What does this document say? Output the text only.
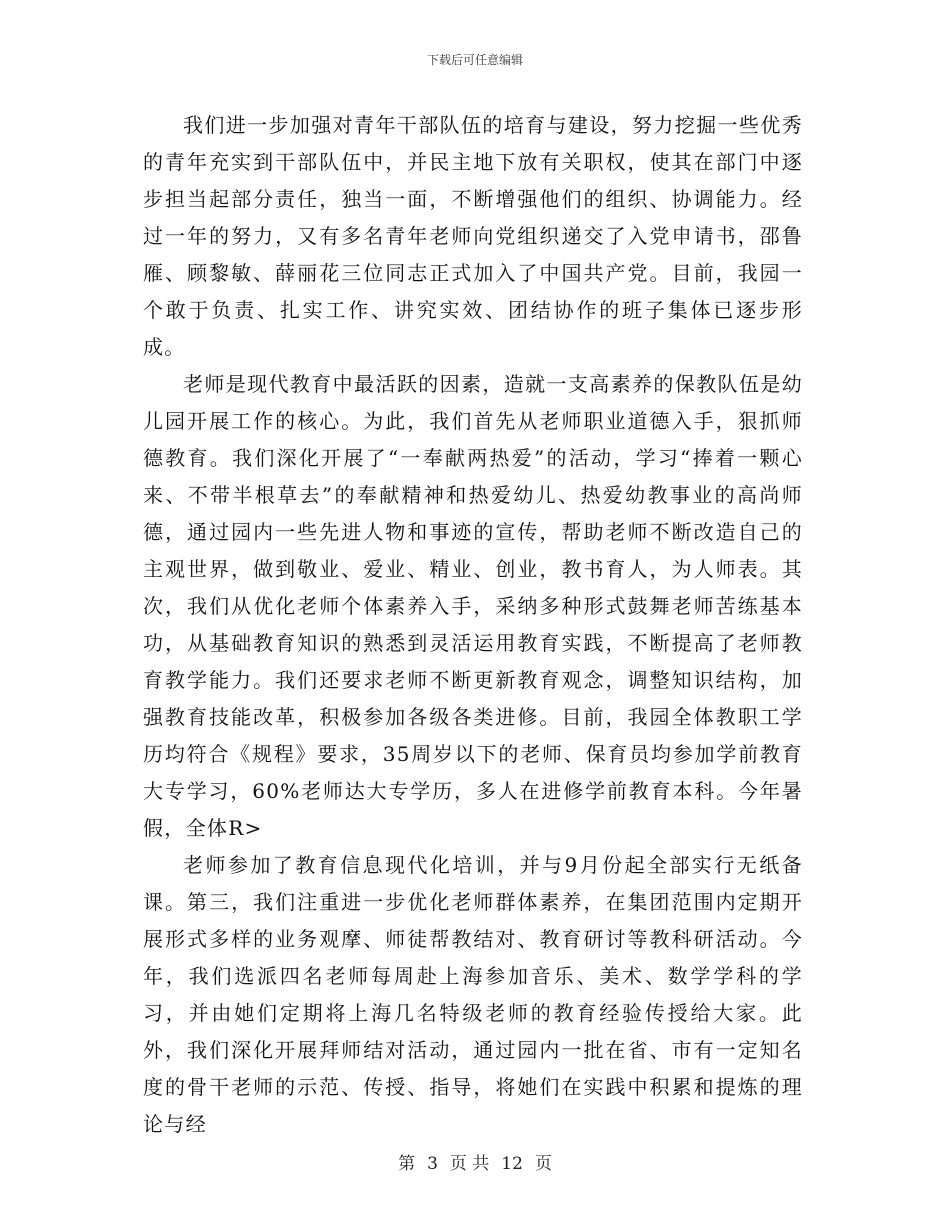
下载后可任意编辑

我们进一步加强对青年干部队伍的培育与建设，努力挖掘一些优秀的青年充实到干部队伍中，并民主地下放有关职权，使其在部门中逐步担当起部分责任，独当一面，不断增强他们的组织、协调能力。经过一年的努力，又有多名青年老师向党组织递交了入党申请书，邵鲁雁、顾黎敏、薛丽花三位同志正式加入了中国共产党。目前，我园一个敢于负责、扎实工作、讲究实效、团结协作的班子集体已逐步形成。

老师是现代教育中最活跃的因素，造就一支高素养的保教队伍是幼儿园开展工作的核心。为此，我们首先从老师职业道德入手，狠抓师德教育。我们深化开展了“一奉献两热爱”的活动，学习“捧着一颗心来、不带半根草去”的奉献精神和热爱幼儿、热爱幼教事业的高尚师德，通过园内一些先进人物和事迹的宣传，帮助老师不断改造自己的主观世界，做到敬业、爱业、精业、创业，教书育人，为人师表。其次，我们从优化老师个体素养入手，采纳多种形式鼓舞老师苦练基本功，从基础教育知识的熟悉到灵活运用教育实践，不断提高了老师教育教学能力。我们还要求老师不断更新教育观念，调整知识结构，加强教育技能改革，积极参加各级各类进修。目前，我园全体教职工学历均符合《规程》要求，35周岁以下的老师、保育员均参加学前教育大专学习，60%老师达大专学历，多人在进修学前教育本科。今年暑假，全体R>

老师参加了教育信息现代化培训，并与9月份起全部实行无纸备课。第三，我们注重进一步优化老师群体素养，在集团范围内定期开展形式多样的业务观摩、师徒帮教结对、教育研讨等教科研活动。今年，我们选派四名老师每周赴上海参加音乐、美术、数学学科的学习，并由她们定期将上海几名特级老师的教育经验传授给大家。此外，我们深化开展拜师结对活动，通过园内一批在省、市有一定知名度的骨干老师的示范、传授、指导，将她们在实践中积累和提炼的理论与经

第 3 页 共 12 页
